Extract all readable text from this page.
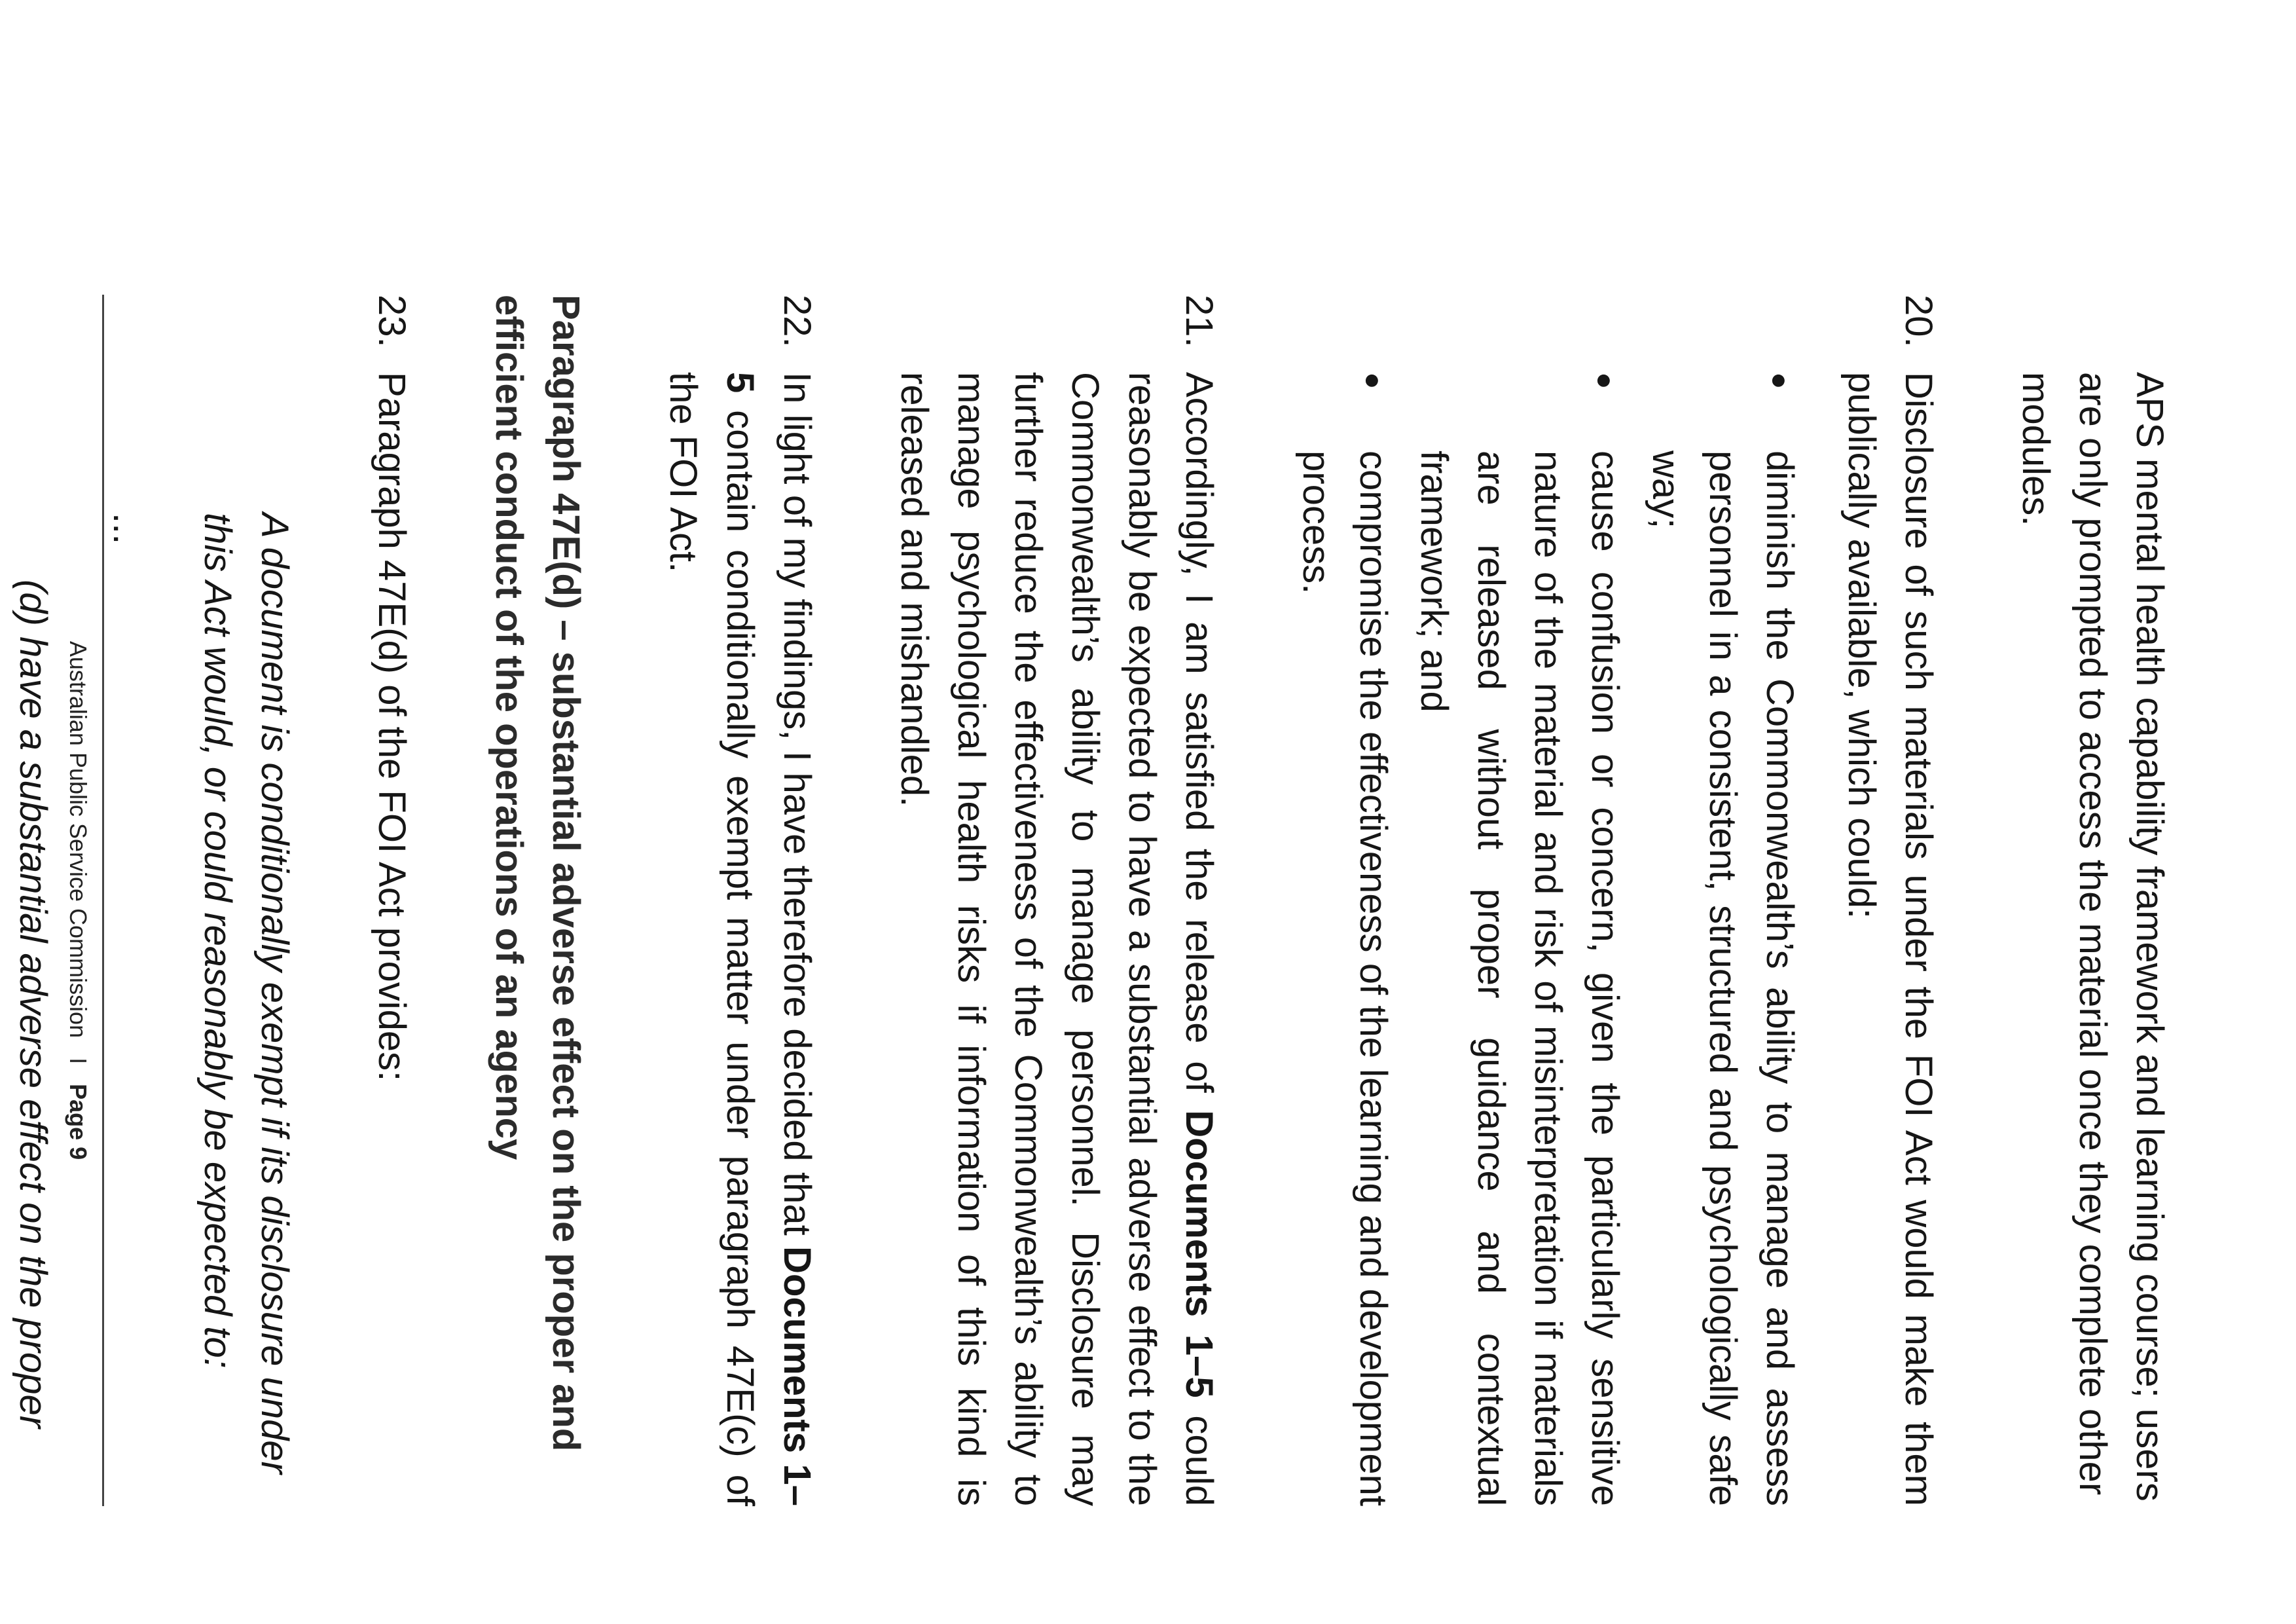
APS mental health capability framework and learning course; users are only prompted to access the material once they complete other modules.

20.
Disclosure of such materials under the FOI Act would make them publically available, which could:
●
diminish the Commonwealth’s ability to manage and assess personnel in a consistent, structured and psychologically safe way;
●
cause confusion or concern, given the particularly sensitive nature of the material and risk of misinterpretation if materials are released without proper guidance and contextual framework; and
●
compromise the effectiveness of the learning and development process.
21.
Accordingly, I am satisfied the release of Documents 1–5 could reasonably be expected to have a substantial adverse effect to the Commonwealth’s ability to manage personnel. Disclosure may further reduce the effectiveness of the Commonwealth’s ability to manage psychological health risks if information of this kind is released and mishandled.
22.
In light of my findings, I have therefore decided that Documents 1–5 contain conditionally exempt matter under paragraph 47E(c) of the FOI Act.

Paragraph 47E(d) – substantial adverse effect on the proper and efficient conduct of the operations of an agency

23.
Paragraph 47E(d) of the FOI Act provides:

A document is conditionally exempt if its disclosure under this Act would, or could reasonably be expected to:

...

(d) have a substantial adverse effect on the proper

Australian Public Service Commission   I   Page 9
